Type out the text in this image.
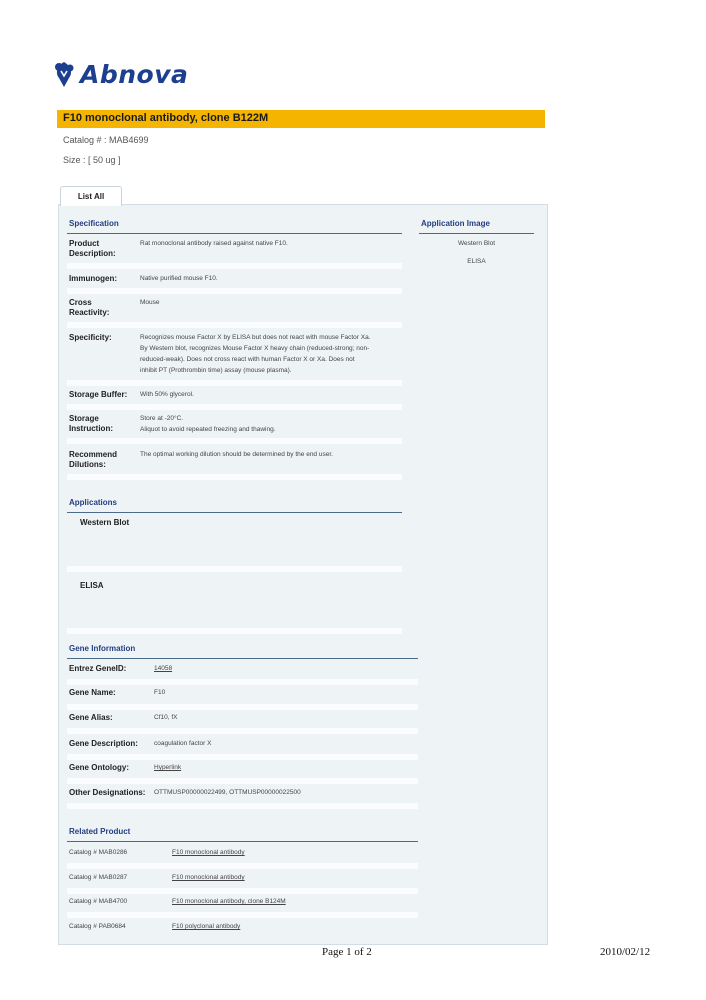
Abnova
F10 monoclonal antibody, clone B122M
Catalog # : MAB4699
Size : [ 50 ug ]
List All
Specification	Application Image
Western Blot
ELISA
Product
Description:
Rat monoclonal antibody raised against native F10.
Immunogen:	Native purified mouse F10.
Cross
Reactivity:
Mouse
Specificity:	Recognizes mouse Factor X by ELISA but does not react with mouse Factor Xa.
By Western blot, recognizes Mouse Factor X heavy chain (reduced-strong; non-
reduced-weak). Does not cross react with human Factor X or Xa. Does not
inhibit PT (Prothrombin time) assay (mouse plasma).
Storage Buffer: With 50% glycerol.
Storage
Instruction:
Store at -20°C.
Aliquot to avoid repeated freezing and thawing.
Recommend
Dilutions:
The optimal working dilution should be determined by the end user.
Applications
Western Blot
ELISA
Gene Information
Entrez GeneID:	14058
Gene Name:	F10
Gene Alias:	Cf10, fX
Gene Description: coagulation factor X
Gene Ontology:	Hyperlink
Other Designations: OTTMUSP00000022499, OTTMUSP00000022500
Related Product
Catalog # MAB0286	F10 monoclonal antibody
Catalog # MAB0287	F10 monoclonal antibody
Catalog # MAB4700	F10 monoclonal antibody, clone B124M
Catalog # PAB0684	F10 polyclonal antibody
Page 1 of 2	2010/02/12
